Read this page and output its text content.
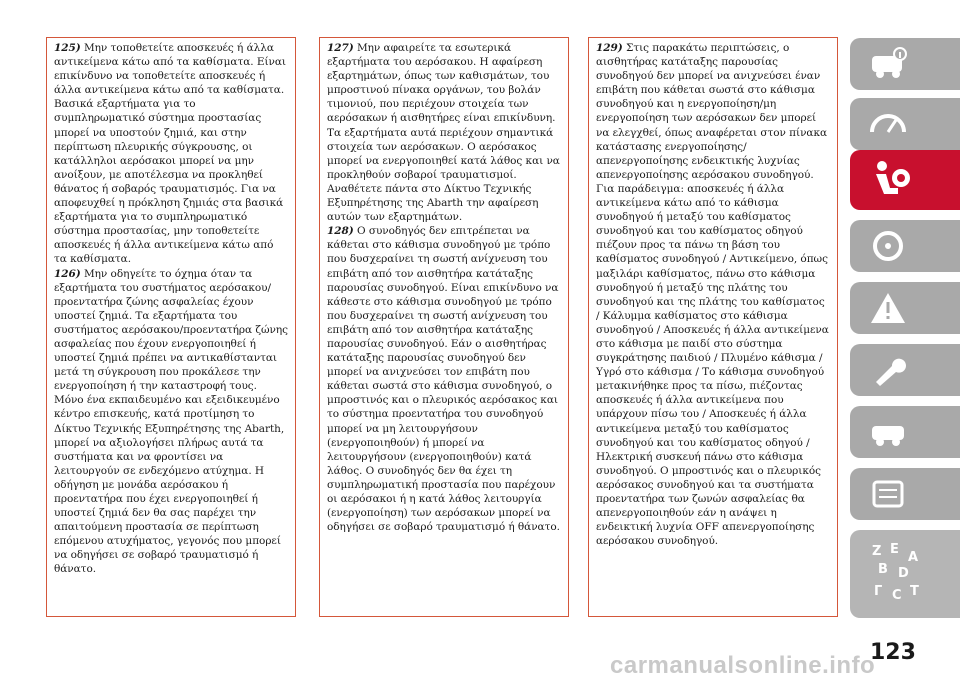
125) Μην τοποθετείτε αποσκευές ή άλλα αντικείμενα κάτω από τα καθίσματα. Είναι επικίνδυνο να τοποθετείτε αποσκευές ή άλλα αντικείμενα κάτω από τα καθίσματα. Βασικά εξαρτήματα για το συμπληρωματικό σύστημα προστασίας μπορεί να υποστούν ζημιά, και στην περίπτωση πλευρικής σύγκρουσης, οι κατάλληλοι αερόσακοι μπορεί να μην ανοίξουν, με αποτέλεσμα να προκληθεί θάνατος ή σοβαρός τραυματισμός. Για να αποφευχθεί η πρόκληση ζημιάς στα βασικά εξαρτήματα για το συμπληρωματικό σύστημα προστασίας, μην τοποθετείτε αποσκευές ή άλλα αντικείμενα κάτω από τα καθίσματα.

126) Μην οδηγείτε το όχημα όταν τα εξαρτήματα του συστήματος αερόσακου/προεντατήρα ζώνης ασφαλείας έχουν υποστεί ζημιά. Τα εξαρτήματα του συστήματος αερόσακου/προεντατήρα ζώνης ασφαλείας που έχουν ενεργοποιηθεί ή υποστεί ζημιά πρέπει να αντικαθίστανται μετά τη σύγκρουση που προκάλεσε την ενεργοποίηση ή την καταστροφή τους. Μόνο ένα εκπαιδευμένο και εξειδικευμένο κέντρο επισκευής, κατά προτίμηση το Δίκτυο Τεχνικής Εξυπηρέτησης της Abarth, μπορεί να αξιολογήσει πλήρως αυτά τα συστήματα και να φροντίσει να λειτουργούν σε ενδεχόμενο ατύχημα. Η οδήγηση με μονάδα αερόσακου ή προεντατήρα που έχει ενεργοποιηθεί ή υποστεί ζημιά δεν θα σας παρέχει την απαιτούμενη προστασία σε περίπτωση επόμενου ατυχήματος, γεγονός που μπορεί να οδηγήσει σε σοβαρό τραυματισμό ή θάνατο.

127) Μην αφαιρείτε τα εσωτερικά εξαρτήματα του αερόσακου. Η αφαίρεση εξαρτημάτων, όπως των καθισμάτων, του μπροστινού πίνακα οργάνων, του βολάν τιμονιού, που περιέχουν στοιχεία των αερόσακων ή αισθητήρες είναι επικίνδυνη. Τα εξαρτήματα αυτά περιέχουν σημαντικά στοιχεία των αερόσακων. Ο αερόσακος μπορεί να ενεργοποιηθεί κατά λάθος και να προκληθούν σοβαροί τραυματισμοί. Αναθέτετε πάντα στο Δίκτυο Τεχνικής Εξυπηρέτησης της Abarth την αφαίρεση αυτών των εξαρτημάτων.

128) Ο συνοδηγός δεν επιτρέπεται να κάθεται στο κάθισμα συνοδηγού με τρόπο που δυσχεραίνει τη σωστή ανίχνευση του επιβάτη από τον αισθητήρα κατάταξης παρουσίας συνοδηγού. Είναι επικίνδυνο να κάθεστε στο κάθισμα συνοδηγού με τρόπο που δυσχεραίνει τη σωστή ανίχνευση του επιβάτη από τον αισθητήρα κατάταξης παρουσίας συνοδηγού. Εάν ο αισθητήρας κατάταξης παρουσίας συνοδηγού δεν μπορεί να ανιχνεύσει τον επιβάτη που κάθεται σωστά στο κάθισμα συνοδηγού, ο μπροστινός και ο πλευρικός αερόσακος και το σύστημα προεντατήρα του συνοδηγού μπορεί να μη λειτουργήσουν (ενεργοποιηθούν) ή μπορεί να λειτουργήσουν (ενεργοποιηθούν) κατά λάθος. Ο συνοδηγός δεν θα έχει τη συμπληρωματική προστασία που παρέχουν οι αερόσακοι ή η κατά λάθος λειτουργία (ενεργοποίηση) των αερόσακων μπορεί να οδηγήσει σε σοβαρό τραυματισμό ή θάνατο.

129) Στις παρακάτω περιπτώσεις, ο αισθητήρας κατάταξης παρουσίας συνοδηγού δεν μπορεί να ανιχνεύσει έναν επιβάτη που κάθεται σωστά στο κάθισμα συνοδηγού και η ενεργοποίηση/μη ενεργοποίηση των αερόσακων δεν μπορεί να ελεγχθεί, όπως αναφέρεται στον πίνακα κατάστασης ενεργοποίησης/απενεργοποίησης ενδεικτικής λυχνίας απενεργοποίησης αερόσακου συνοδηγού. Για παράδειγμα: αποσκευές ή άλλα αντικείμενα κάτω από το κάθισμα συνοδηγού ή μεταξύ του καθίσματος συνοδηγού και του καθίσματος οδηγού πιέζουν προς τα πάνω τη βάση του καθίσματος συνοδηγού / Αντικείμενο, όπως μαξιλάρι καθίσματος, πάνω στο κάθισμα συνοδηγού ή μεταξύ της πλάτης του συνοδηγού και της πλάτης του καθίσματος / Κάλυμμα καθίσματος στο κάθισμα συνοδηγού / Αποσκευές ή άλλα αντικείμενα στο κάθισμα με παιδί στο σύστημα συγκράτησης παιδιού / Πλυμένο κάθισμα / Υγρό στο κάθισμα / Το κάθισμα συνοδηγού μετακινήθηκε προς τα πίσω, πιέζοντας αποσκευές ή άλλα αντικείμενα που υπάρχουν πίσω του / Αποσκευές ή άλλα αντικείμενα μεταξύ του καθίσματος συνοδηγού και του καθίσματος οδηγού / Ηλεκτρική συσκευή πάνω στο κάθισμα συνοδηγού. Ο μπροστινός και ο πλευρικός αερόσακος συνοδηγού και τα συστήματα προεντατήρα των ζωνών ασφαλείας θα απενεργοποιηθούν εάν η ανάψει η ενδεικτική λυχνία OFF απενεργοποίησης αερόσακου συνοδηγού.

Z E
A
B D
Г C T
123
carmanualsonline.info
